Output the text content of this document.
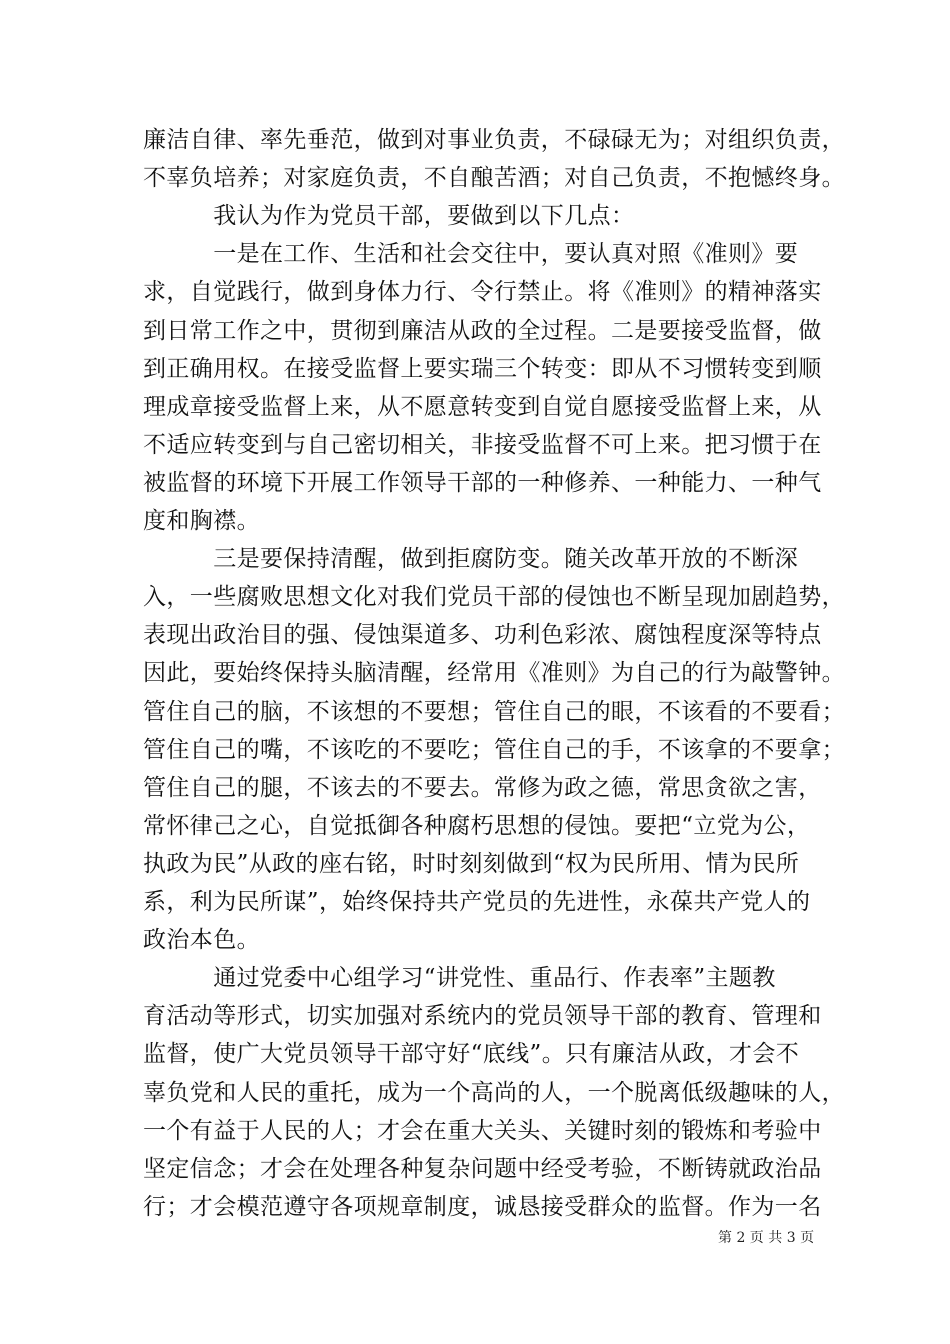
廉洁自律、率先垂范，做到对事业负责，不碌碌无为；对组织负责，
不辜负培养；对家庭负责，不自酿苦酒；对自己负责，不抱憾终身。
　　　我认为作为党员干部，要做到以下几点：
　　　一是在工作、生活和社会交往中，要认真对照《准则》要
求，自觉践行，做到身体力行、令行禁止。将《准则》的精神落实
到日常工作之中，贯彻到廉洁从政的全过程。二是要接受监督，做
到正确用权。在接受监督上要实瑞三个转变：即从不习惯转变到顺
理成章接受监督上来，从不愿意转变到自觉自愿接受监督上来，从
不适应转变到与自己密切相关，非接受监督不可上来。把习惯于在
被监督的环境下开展工作领导干部的一种修养、一种能力、一种气
度和胸襟。
　　　三是要保持清醒，做到拒腐防变。随关改革开放的不断深
入，一些腐败思想文化对我们党员干部的侵蚀也不断呈现加剧趋势，
表现出政治目的强、侵蚀渠道多、功利色彩浓、腐蚀程度深等特点
因此，要始终保持头脑清醒，经常用《准则》为自己的行为敲警钟。
管住自己的脑，不该想的不要想；管住自己的眼，不该看的不要看；
管住自己的嘴，不该吃的不要吃；管住自己的手，不该拿的不要拿；
管住自己的腿，不该去的不要去。常修为政之德，常思贪欲之害，
常怀律己之心，自觉抵御各种腐朽思想的侵蚀。要把“立党为公，
执政为民”从政的座右铭，时时刻刻做到“权为民所用、情为民所
系，利为民所谋”，始终保持共产党员的先进性，永葆共产党人的
政治本色。
　　　通过党委中心组学习“讲党性、重品行、作表率”主题教
育活动等形式，切实加强对系统内的党员领导干部的教育、管理和
监督，使广大党员领导干部守好“底线”。只有廉洁从政，才会不
辜负党和人民的重托，成为一个高尚的人，一个脱离低级趣味的人，
一个有益于人民的人；才会在重大关头、关键时刻的锻炼和考验中
坚定信念；才会在处理各种复杂问题中经受考验，不断铸就政治品
行；才会模范遵守各项规章制度，诚恳接受群众的监督。作为一名
第 2 页 共 3 页
